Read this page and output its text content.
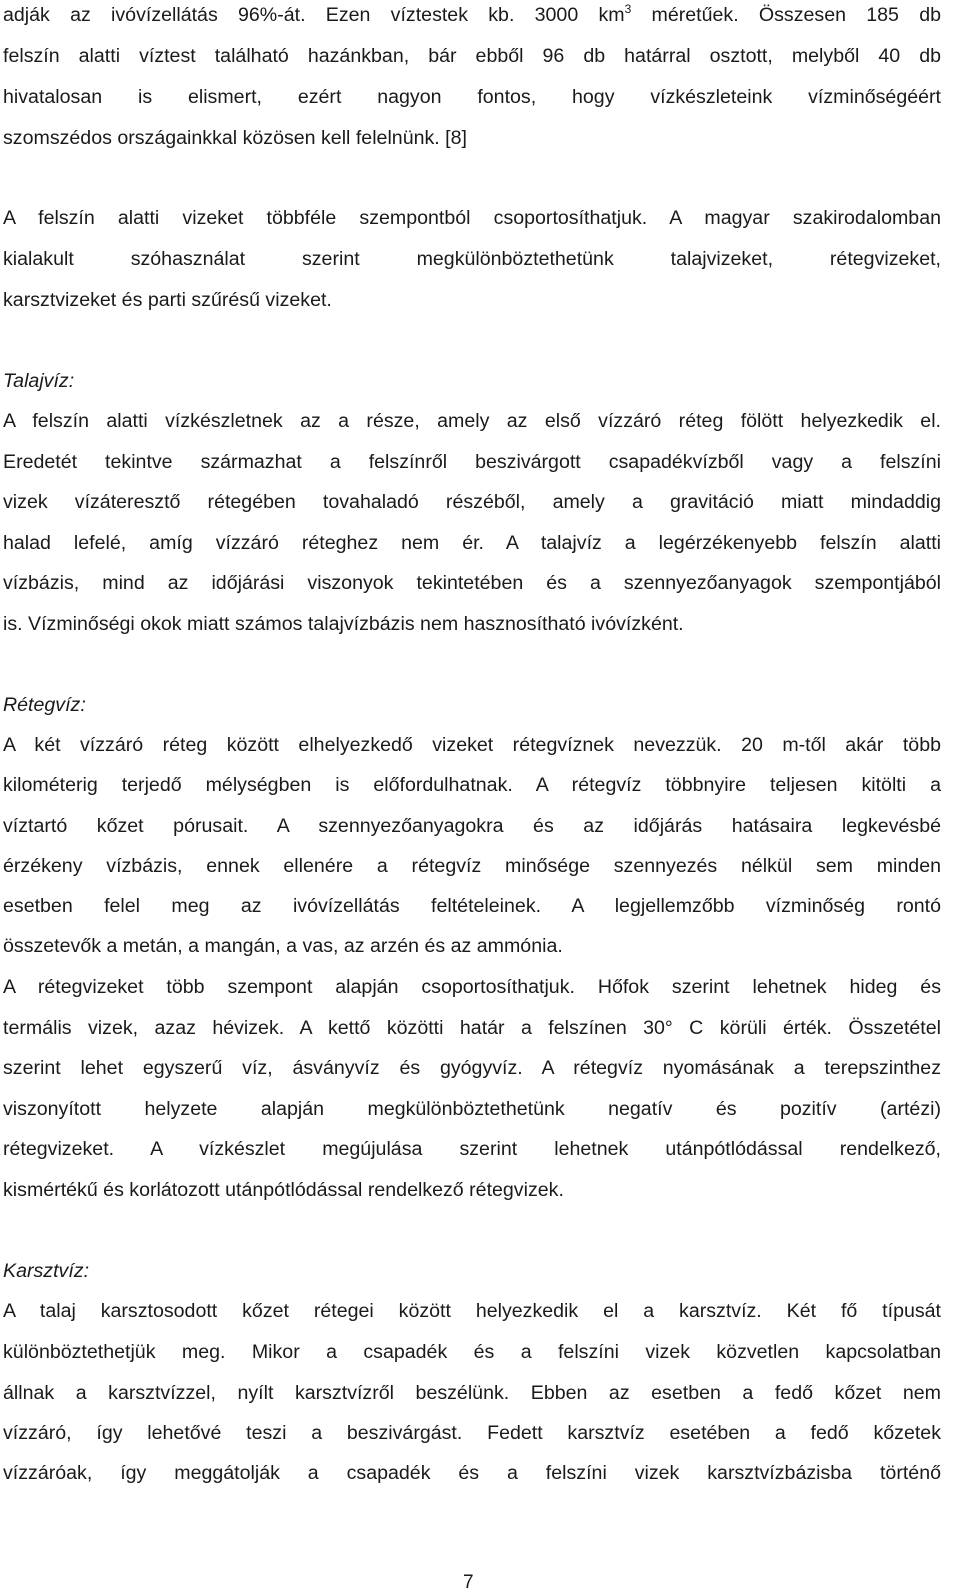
adják az ivóvízellátás 96%-át. Ezen víztestek kb. 3000 $km^3$ méretűek. Összesen 185 db
felszín alatti víztest található hazánkban, bár ebből 96 db határral osztott, melyből 40 db
hivatalosan is elismert, ezért nagyon fontos, hogy vízkészleteink vízminőségéért
szomszédos országainkkal közösen kell felelnünk. [8]
A felszín alatti vizeket többféle szempontból csoportosíthatjuk. A magyar szakirodalomban
kialakult szóhasználat szerint megkülönböztethetünk talajvizeket, rétegvizeket,
karsztvizeket és parti szűrésű vizeket.
Talajvíz:
A felszín alatti vízkészletnek az a része, amely az első vízzáró réteg fölött helyezkedik el.
Eredetét tekintve származhat a felszínről beszivárgott csapadékvízből vagy a felszíni
vizek vízáteresztő rétegében tovahaladó részéből, amely a gravitáció miatt mindaddig
halad lefelé, amíg vízzáró réteghez nem ér. A talajvíz a legérzékenyebb felszín alatti
vízbázis, mind az időjárási viszonyok tekintetében és a szennyezőanyagok szempontjából
is. Vízminőségi okok miatt számos talajvízbázis nem hasznosítható ivóvízként.
Rétegvíz:
A két vízzáró réteg között elhelyezkedő vizeket rétegvíznek nevezzük. 20 m-től akár több
kilométerig terjedő mélységben is előfordulhatnak. A rétegvíz többnyire teljesen kitölti a
víztartó kőzet pórusait. A szennyezőanyagokra és az időjárás hatásaira legkevésbé
érzékeny vízbázis, ennek ellenére a rétegvíz minősége szennyezés nélkül sem minden
esetben felel meg az ivóvízellátás feltételeinek. A legjellemzőbb vízminőség rontó
összetevők a metán, a mangán, a vas, az arzén és az ammónia.
A rétegvizeket több szempont alapján csoportosíthatjuk. Hőfok szerint lehetnek hideg és
termális vizek, azaz hévizek. A kettő közötti határ a felszínen 30° C körüli érték. Összetétel
szerint lehet egyszerű víz, ásványvíz és gyógyvíz. A rétegvíz nyomásának a terepszinthez
viszonyított helyzete alapján megkülönböztethetünk negatív és pozitív (artézi)
rétegvizeket. A vízkészlet megújulása szerint lehetnek utánpótlódással rendelkező,
kismértékű és korlátozott utánpótlódással rendelkező rétegvizek.
Karsztvíz:
A talaj karsztosodott kőzet rétegei között helyezkedik el a karsztvíz. Két fő típusát
különböztethetjük meg. Mikor a csapadék és a felszíni vizek közvetlen kapcsolatban
állnak a karsztvízzel, nyílt karsztvízről beszélünk. Ebben az esetben a fedő kőzet nem
vízzáró, így lehetővé teszi a beszivárgást. Fedett karsztvíz esetében a fedő kőzetek
vízzáróak, így meggátolják a csapadék és a felszíni vizek karsztvízbázisba történő
7
